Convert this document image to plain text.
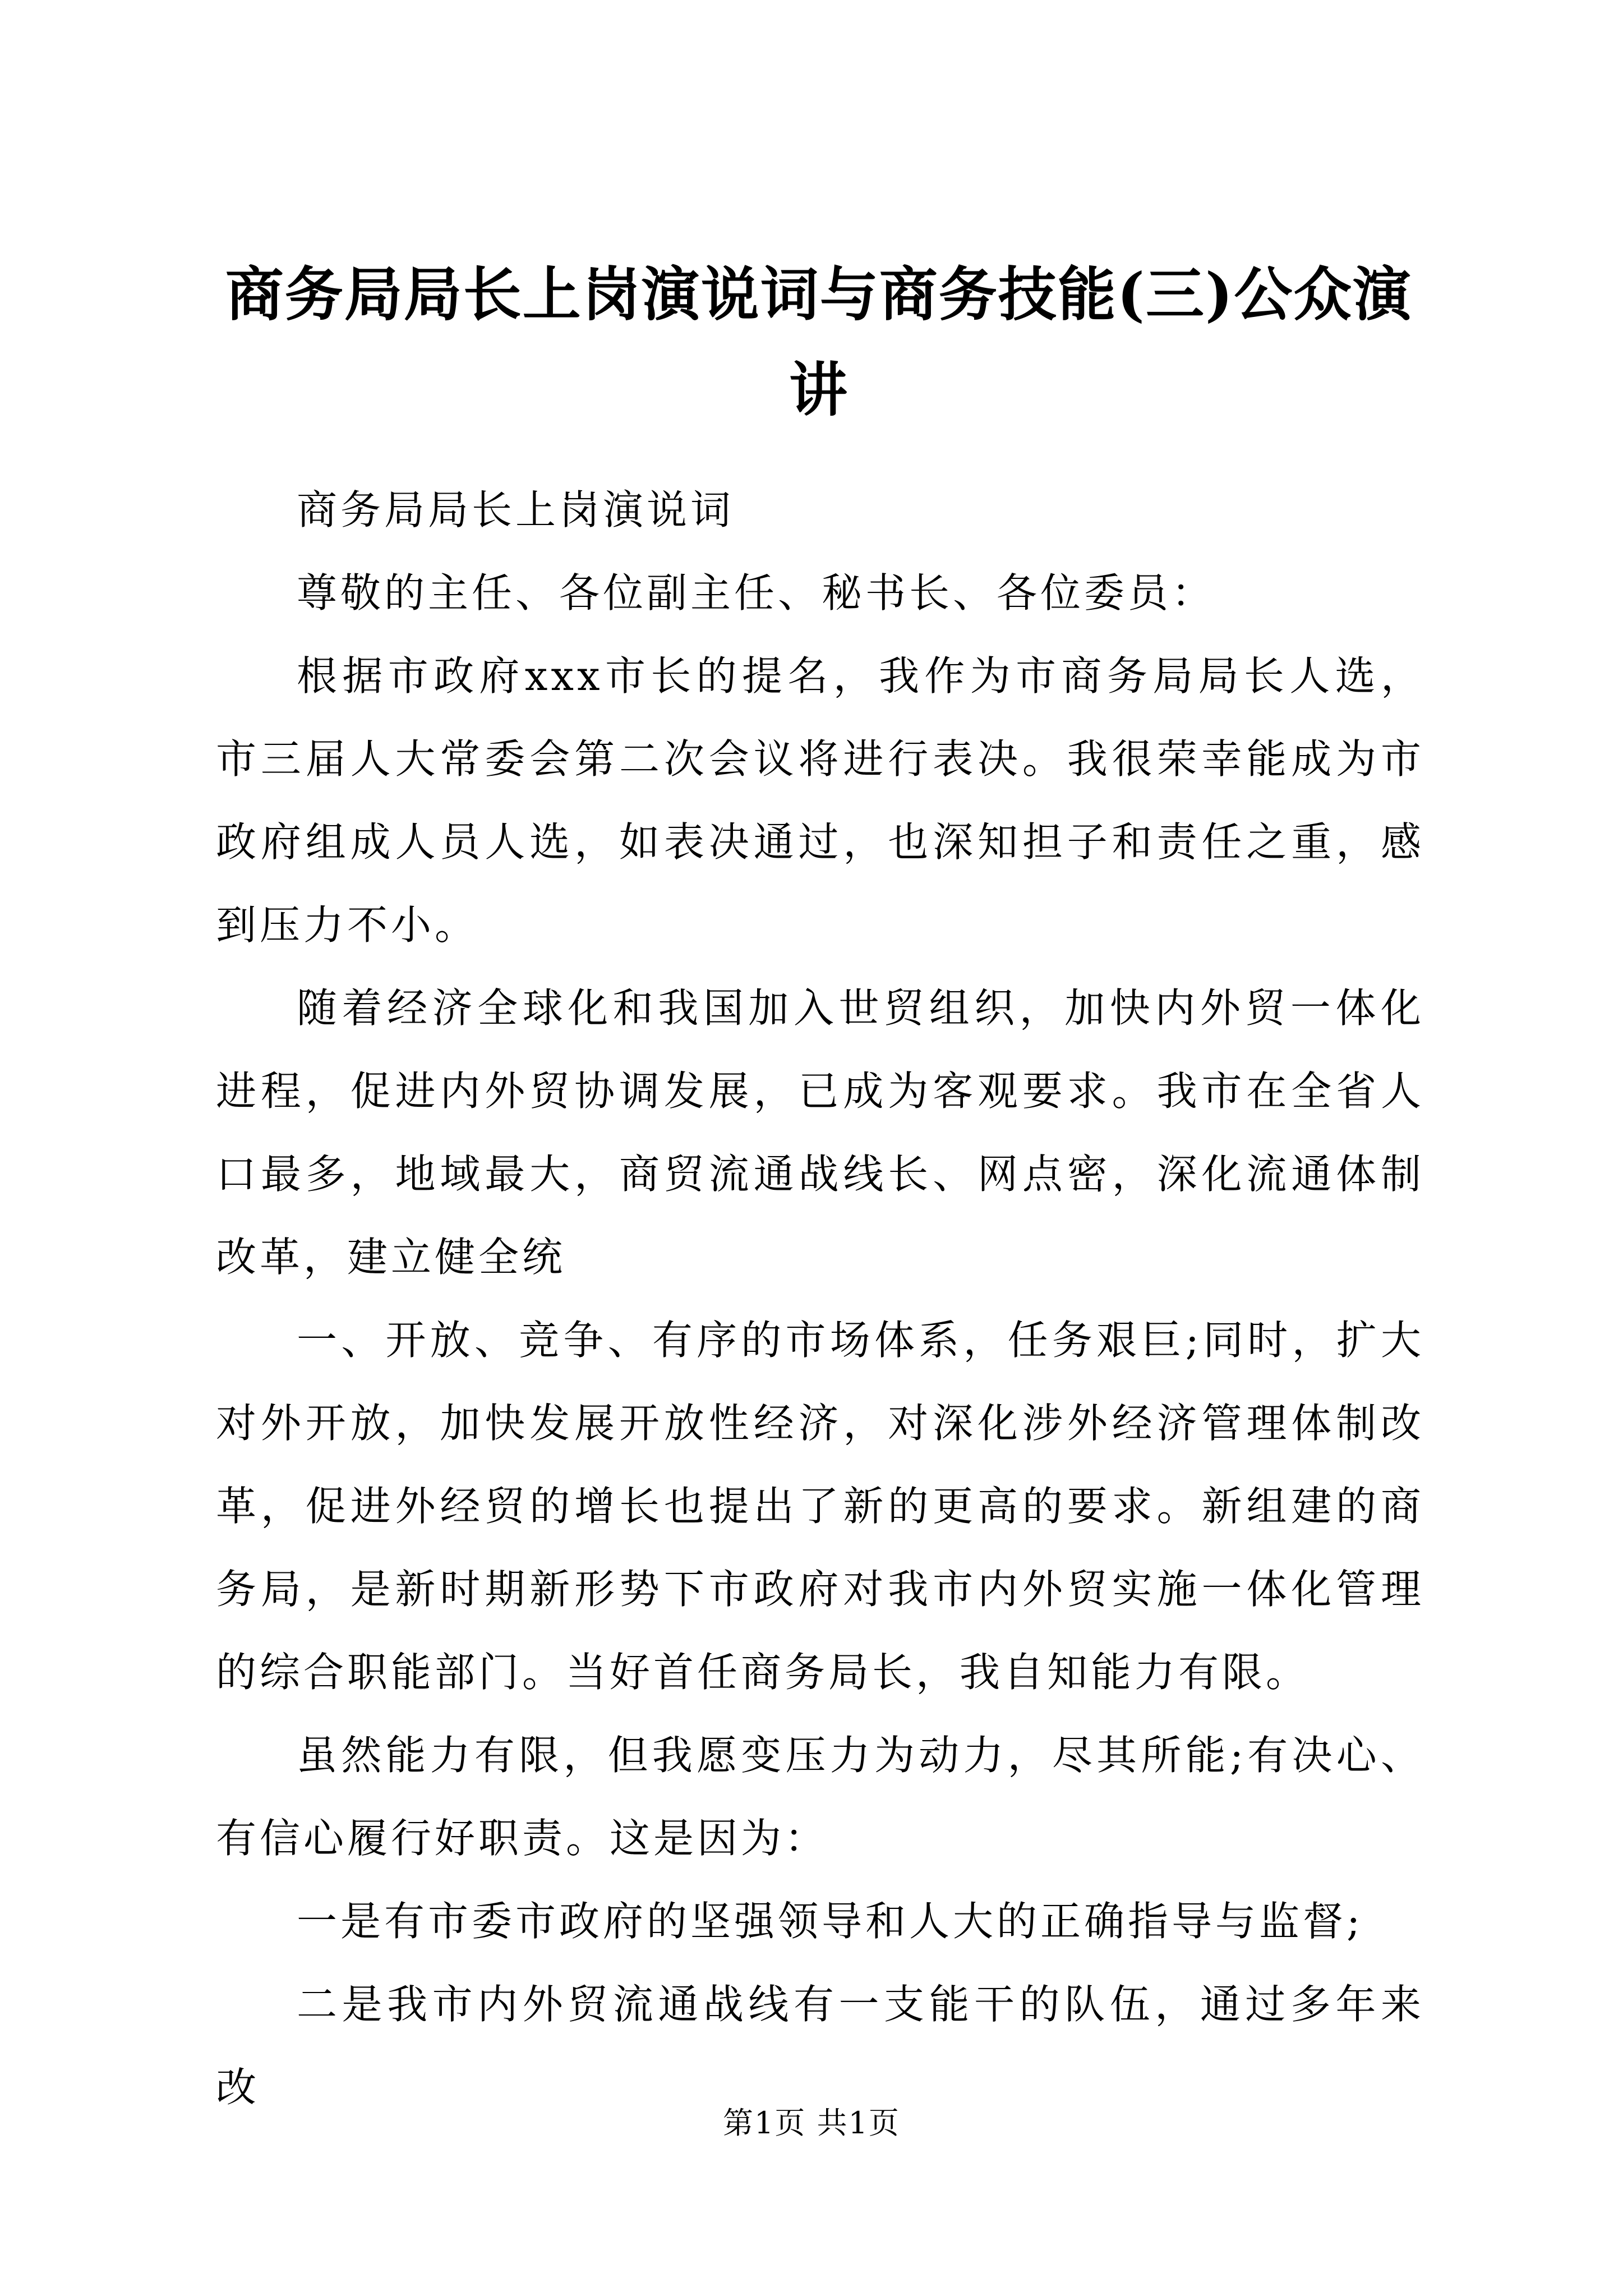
商务局局长上岗演说词与商务技能(三)公众演讲

商务局局长上岗演说词

尊敬的主任、各位副主任、秘书长、各位委员：

根据市政府xxx市长的提名，我作为市商务局局长人选，市三届人大常委会第二次会议将进行表决。我很荣幸能成为市政府组成人员人选，如表决通过，也深知担子和责任之重，感到压力不小。

随着经济全球化和我国加入世贸组织，加快内外贸一体化进程，促进内外贸协调发展，已成为客观要求。我市在全省人口最多，地域最大，商贸流通战线长、网点密，深化流通体制改革，建立健全统

一、开放、竞争、有序的市场体系，任务艰巨;同时，扩大对外开放，加快发展开放性经济，对深化涉外经济管理体制改革，促进外经贸的增长也提出了新的更高的要求。新组建的商务局，是新时期新形势下市政府对我市内外贸实施一体化管理的综合职能部门。当好首任商务局长，我自知能力有限。

虽然能力有限，但我愿变压力为动力，尽其所能;有决心、有信心履行好职责。这是因为：

一是有市委市政府的坚强领导和人大的正确指导与监督;

二是我市内外贸流通战线有一支能干的队伍，通过多年来改

第1页 共1页
